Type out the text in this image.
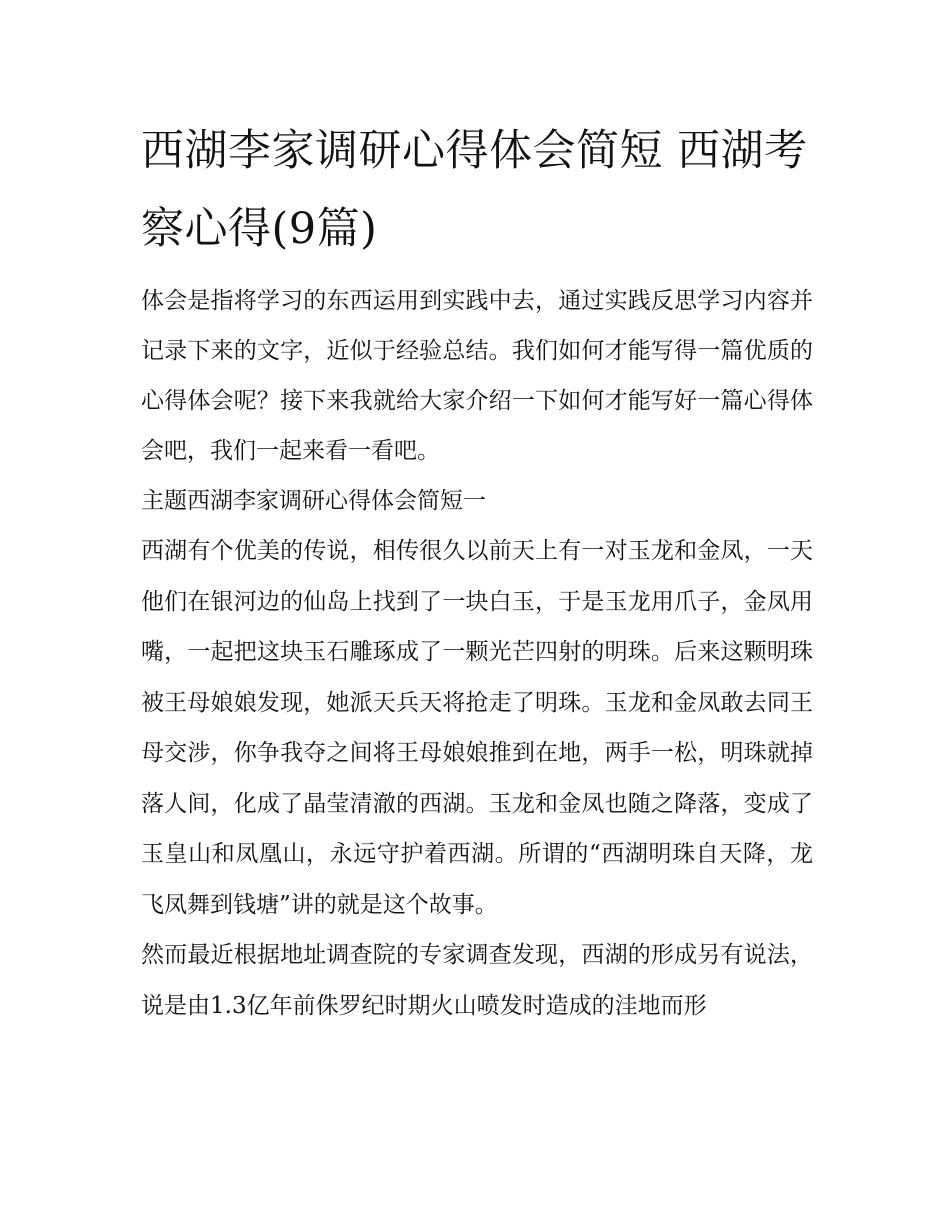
西湖李家调研心得体会简短 西湖考察心得(9篇)

体会是指将学习的东西运用到实践中去，通过实践反思学习内容并记录下来的文字，近似于经验总结。我们如何才能写得一篇优质的心得体会呢？接下来我就给大家介绍一下如何才能写好一篇心得体会吧，我们一起来看一看吧。

主题西湖李家调研心得体会简短一

西湖有个优美的传说，相传很久以前天上有一对玉龙和金凤，一天他们在银河边的仙岛上找到了一块白玉，于是玉龙用爪子，金凤用嘴，一起把这块玉石雕琢成了一颗光芒四射的明珠。后来这颗明珠被王母娘娘发现，她派天兵天将抢走了明珠。玉龙和金凤敢去同王母交涉，你争我夺之间将王母娘娘推到在地，两手一松，明珠就掉落人间，化成了晶莹清澈的西湖。玉龙和金凤也随之降落，变成了玉皇山和凤凰山，永远守护着西湖。所谓的“西湖明珠自天降，龙飞凤舞到钱塘”讲的就是这个故事。

然而最近根据地址调查院的专家调查发现，西湖的形成另有说法，说是由1.3亿年前侏罗纪时期火山喷发时造成的洼地而形
